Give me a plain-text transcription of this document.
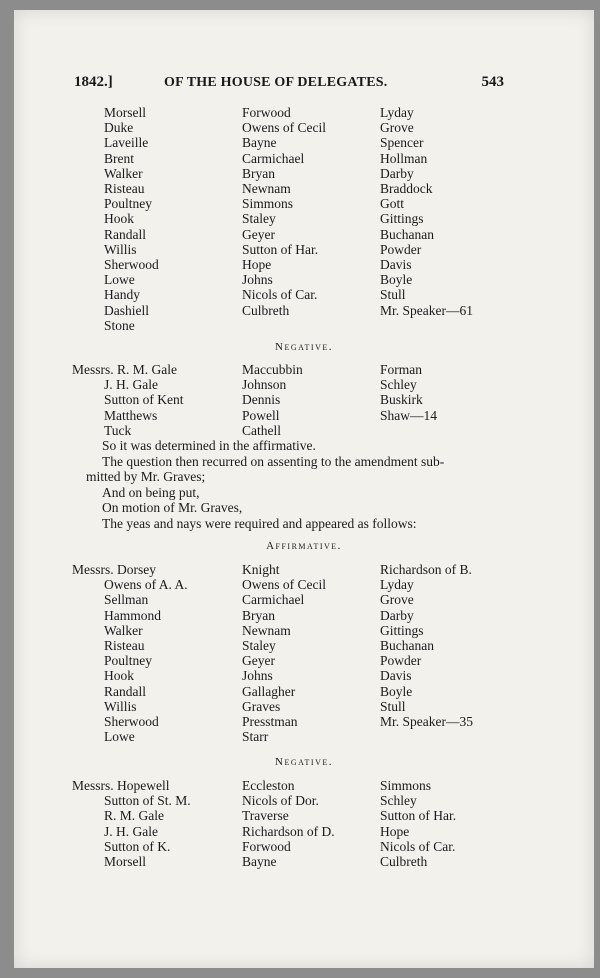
1842.]	OF THE HOUSE OF DELEGATES.	543
Morsell
Duke
Laveille
Brent
Walker
Risteau
Poultney
Hook
Randall
Willis
Sherwood
Lowe
Handy
Dashiell
Stone
Forwood
Owens of Cecil
Bayne
Carmichael
Bryan
Newnam
Simmons
Staley
Geyer
Sutton of Har.
Hope
Johns
Nicols of Car.
Culbreth
Lyday
Grove
Spencer
Hollman
Darby
Braddock
Gott
Gittings
Buchanan
Powder
Davis
Boyle
Stull
Mr. Speaker—61
Negative.
Messrs. R. M. Gale
J. H. Gale
Sutton of Kent
Matthews
Tuck
Maccubbin
Johnson
Dennis
Powell
Cathell
Forman
Schley
Buskirk
Shaw—14
So it was determined in the affirmative.
The question then recurred on assenting to the amendment sub-
mitted by Mr. Graves;
And on being put,
On motion of Mr. Graves,
The yeas and nays were required and appeared as follows:
Affirmative.
Messrs. Dorsey
Owens of A. A.
Sellman
Hammond
Walker
Risteau
Poultney
Hook
Randall
Willis
Sherwood
Lowe
Knight
Owens of Cecil
Carmichael
Bryan
Newnam
Staley
Geyer
Johns
Gallagher
Graves
Presstman
Starr
Richardson of B.
Lyday
Grove
Darby
Gittings
Buchanan
Powder
Davis
Boyle
Stull
Mr. Speaker—35
Negative.
Messrs. Hopewell
Sutton of St. M.
R. M. Gale
J. H. Gale
Sutton of K.
Morsell
Eccleston
Nicols of Dor.
Traverse
Richardson of D.
Forwood
Bayne
Simmons
Schley
Sutton of Har.
Hope
Nicols of Car.
Culbreth
